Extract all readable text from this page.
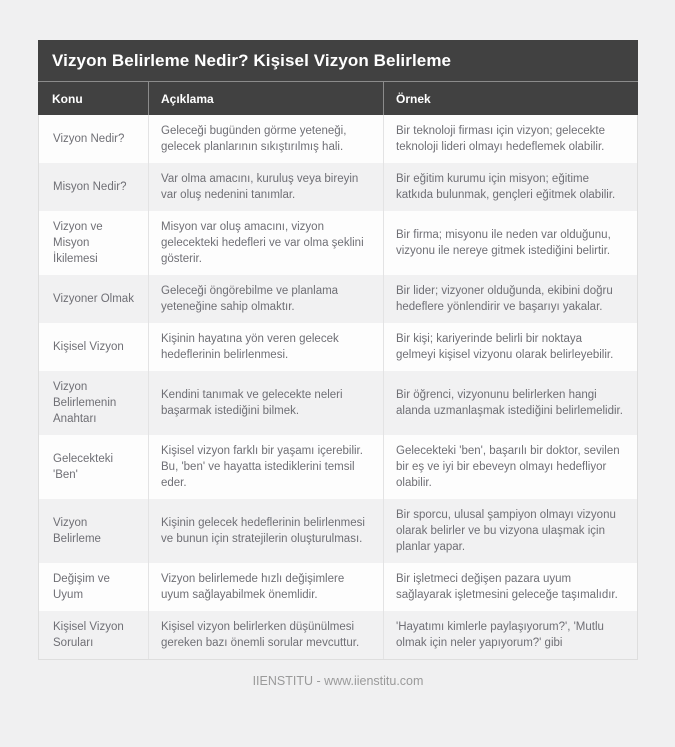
Vizyon Belirleme Nedir? Kişisel Vizyon Belirleme
Konu	Açıklama	Örnek
Vizyon Nedir?
Geleceği bugünden görme yeteneği, gelecek planlarının sıkıştırılmış hali.
Bir teknoloji firması için vizyon; gelecekte teknoloji lideri olmayı hedeflemek olabilir.
Misyon Nedir?
Var olma amacını, kuruluş veya bireyin var oluş nedenini tanımlar.
Bir eğitim kurumu için misyon; eğitime katkıda bulunmak, gençleri eğitmek olabilir.
Vizyon ve Misyon İkilemesi
Misyon var oluş amacını, vizyon gelecekteki hedefleri ve var olma şeklini gösterir.
Bir firma; misyonu ile neden var olduğunu, vizyonu ile nereye gitmek istediğini belirtir.
Vizyoner Olmak
Geleceği öngörebilme ve planlama yeteneğine sahip olmaktır.
Bir lider; vizyoner olduğunda, ekibini doğru hedeflere yönlendirir ve başarıyı yakalar.
Kişisel Vizyon
Kişinin hayatına yön veren gelecek hedeflerinin belirlenmesi.
Bir kişi; kariyerinde belirli bir noktaya gelmeyi kişisel vizyonu olarak belirleyebilir.
Vizyon Belirlemenin Anahtarı
Kendini tanımak ve gelecekte neleri başarmak istediğini bilmek.
Bir öğrenci, vizyonunu belirlerken hangi alanda uzmanlaşmak istediğini belirlemelidir.
Gelecekteki 'Ben'
Kişisel vizyon farklı bir yaşamı içerebilir. Bu, 'ben' ve hayatta istediklerini temsil eder.
Gelecekteki 'ben', başarılı bir doktor, sevilen bir eş ve iyi bir ebeveyn olmayı hedefliyor olabilir.
Vizyon Belirleme
Kişinin gelecek hedeflerinin belirlenmesi ve bunun için stratejilerin oluşturulması.
Bir sporcu, ulusal şampiyon olmayı vizyonu olarak belirler ve bu vizyona ulaşmak için planlar yapar.
Değişim ve Uyum
Vizyon belirlemede hızlı değişimlere uyum sağlayabilmek önemlidir.
Bir işletmeci değişen pazara uyum sağlayarak işletmesini geleceğe taşımalıdır.
Kişisel Vizyon Soruları
Kişisel vizyon belirlerken düşünülmesi gereken bazı önemli sorular mevcuttur.
'Hayatımı kimlerle paylaşıyorum?', 'Mutlu olmak için neler yapıyorum?' gibi
IIENSTITU - www.iienstitu.com
